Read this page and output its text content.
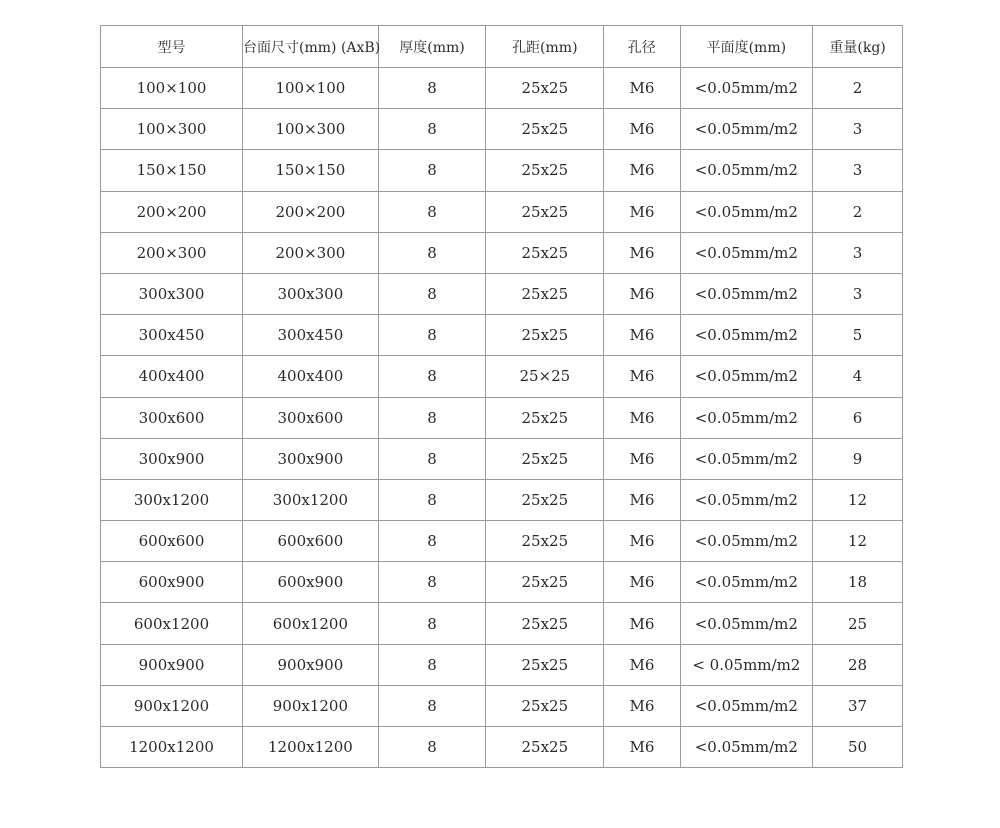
型号	台面尺寸(mm) (AxB)	厚度(mm)	孔距(mm)	孔径	平面度(mm)	重量(kg)
100×100	100×100	8	25x25	M6	<0.05mm/m2	2
100×300	100×300	8	25x25	M6	<0.05mm/m2	3
150×150	150×150	8	25x25	M6	<0.05mm/m2	3
200×200	200×200	8	25x25	M6	<0.05mm/m2	2
200×300	200×300	8	25x25	M6	<0.05mm/m2	3
300x300	300x300	8	25x25	M6	<0.05mm/m2	3
300x450	300x450	8	25x25	M6	<0.05mm/m2	5
400x400	400x400	8	25×25	M6	<0.05mm/m2	4
300x600	300x600	8	25x25	M6	<0.05mm/m2	6
300x900	300x900	8	25x25	M6	<0.05mm/m2	9
300x1200	300x1200	8	25x25	M6	<0.05mm/m2	12
600x600	600x600	8	25x25	M6	<0.05mm/m2	12
600x900	600x900	8	25x25	M6	<0.05mm/m2	18
600x1200	600x1200	8	25x25	M6	<0.05mm/m2	25
900x900	900x900	8	25x25	M6	< 0.05mm/m2	28
900x1200	900x1200	8	25x25	M6	<0.05mm/m2	37
1200x1200	1200x1200	8	25x25	M6	<0.05mm/m2	50
